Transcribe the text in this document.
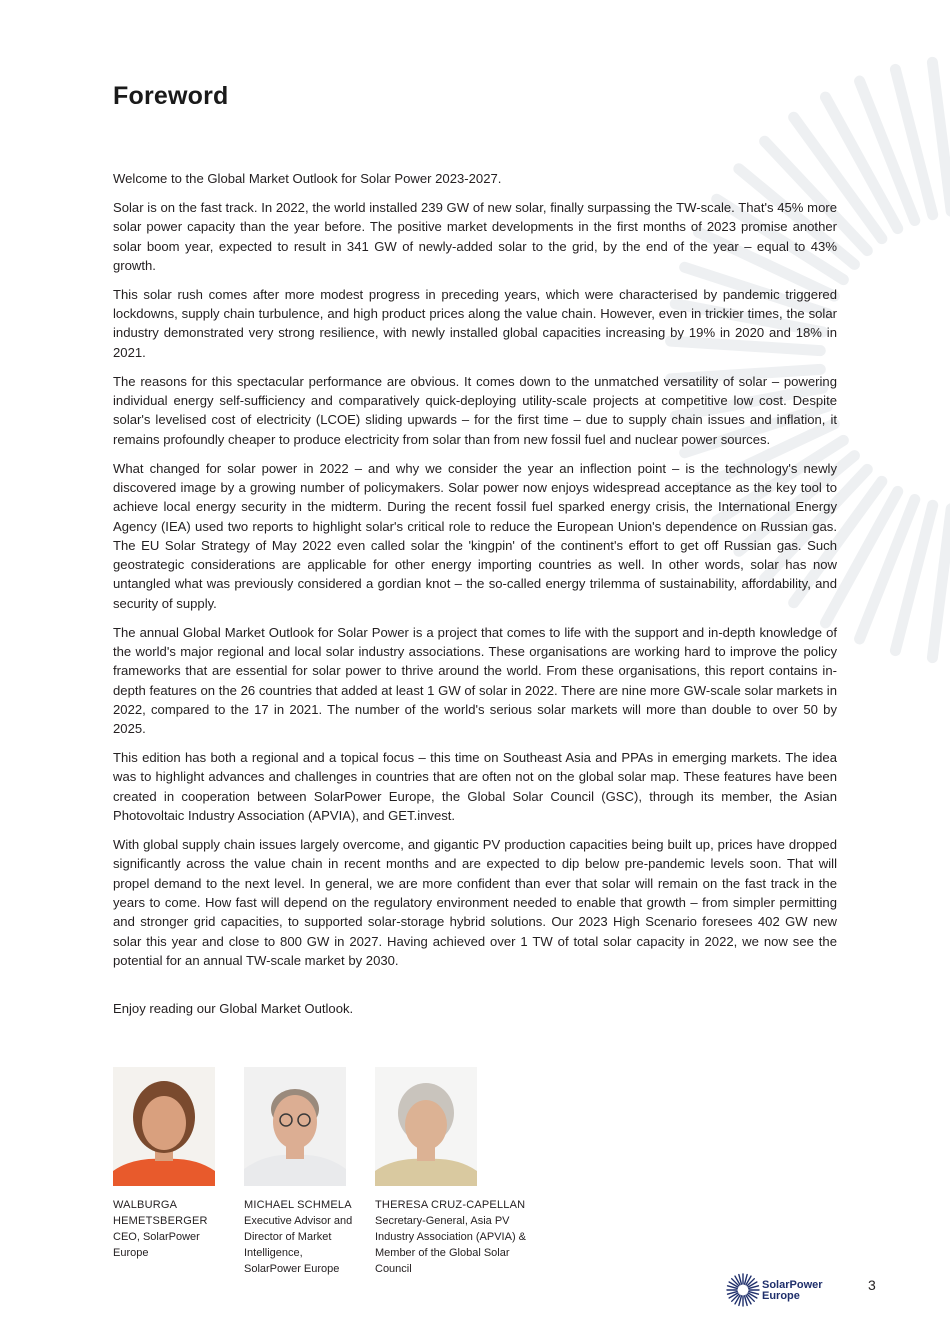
Foreword

Welcome to the Global Market Outlook for Solar Power 2023-2027.

Solar is on the fast track. In 2022, the world installed 239 GW of new solar, finally surpassing the TW-scale. That's 45% more solar power capacity than the year before. The positive market developments in the first months of 2023 promise another solar boom year, expected to result in 341 GW of newly-added solar to the grid, by the end of the year – equal to 43% growth.

This solar rush comes after more modest progress in preceding years, which were characterised by pandemic triggered lockdowns, supply chain turbulence, and high product prices along the value chain. However, even in trickier times, the solar industry demonstrated very strong resilience, with newly installed global capacities increasing by 19% in 2020 and 18% in 2021.

The reasons for this spectacular performance are obvious. It comes down to the unmatched versatility of solar – powering individual energy self-sufficiency and comparatively quick-deploying utility-scale projects at competitive low cost. Despite solar's levelised cost of electricity (LCOE) sliding upwards – for the first time – due to supply chain issues and inflation, it remains profoundly cheaper to produce electricity from solar than from new fossil fuel and nuclear power sources.

What changed for solar power in 2022 – and why we consider the year an inflection point – is the technology's newly discovered image by a growing number of policymakers. Solar power now enjoys widespread acceptance as the key tool to achieve local energy security in the midterm. During the recent fossil fuel sparked energy crisis, the International Energy Agency (IEA) used two reports to highlight solar's critical role to reduce the European Union's dependence on Russian gas. The EU Solar Strategy of May 2022 even called solar the 'kingpin' of the continent's effort to get off Russian gas. Such geostrategic considerations are applicable for other energy importing countries as well. In other words, solar has now untangled what was previously considered a gordian knot – the so-called energy trilemma of sustainability, affordability, and security of supply.

The annual Global Market Outlook for Solar Power is a project that comes to life with the support and in-depth knowledge of the world's major regional and local solar industry associations. These organisations are working hard to improve the policy frameworks that are essential for solar power to thrive around the world. From these organisations, this report contains in-depth features on the 26 countries that added at least 1 GW of solar in 2022. There are nine more GW-scale solar markets in 2022, compared to the 17 in 2021. The number of the world's serious solar markets will more than double to over 50 by 2025.

This edition has both a regional and a topical focus – this time on Southeast Asia and PPAs in emerging markets. The idea was to highlight advances and challenges in countries that are often not on the global solar map. These features have been created in cooperation between SolarPower Europe, the Global Solar Council (GSC), through its member, the Asian Photovoltaic Industry Association (APVIA), and GET.invest.

With global supply chain issues largely overcome, and gigantic PV production capacities being built up, prices have dropped significantly across the value chain in recent months and are expected to dip below pre-pandemic levels soon. That will propel demand to the next level. In general, we are more confident than ever that solar will remain on the fast track in the years to come. How fast will depend on the regulatory environment needed to enable that growth – from simpler permitting and stronger grid capacities, to supported solar-storage hybrid solutions. Our 2023 High Scenario foresees 402 GW new solar this year and close to 800 GW in 2027. Having achieved over 1 TW of total solar capacity in 2022, we now see the potential for an annual TW-scale market by 2030.

Enjoy reading our Global Market Outlook.

WALBURGA HEMETSBERGER
CEO, SolarPower Europe
MICHAEL SCHMELA
Executive Advisor and Director of Market Intelligence, SolarPower Europe
THERESA CRUZ-CAPELLAN
Secretary-General, Asia PV Industry Association (APVIA) & Member of the Global Solar Council
SolarPower
Europe
3
